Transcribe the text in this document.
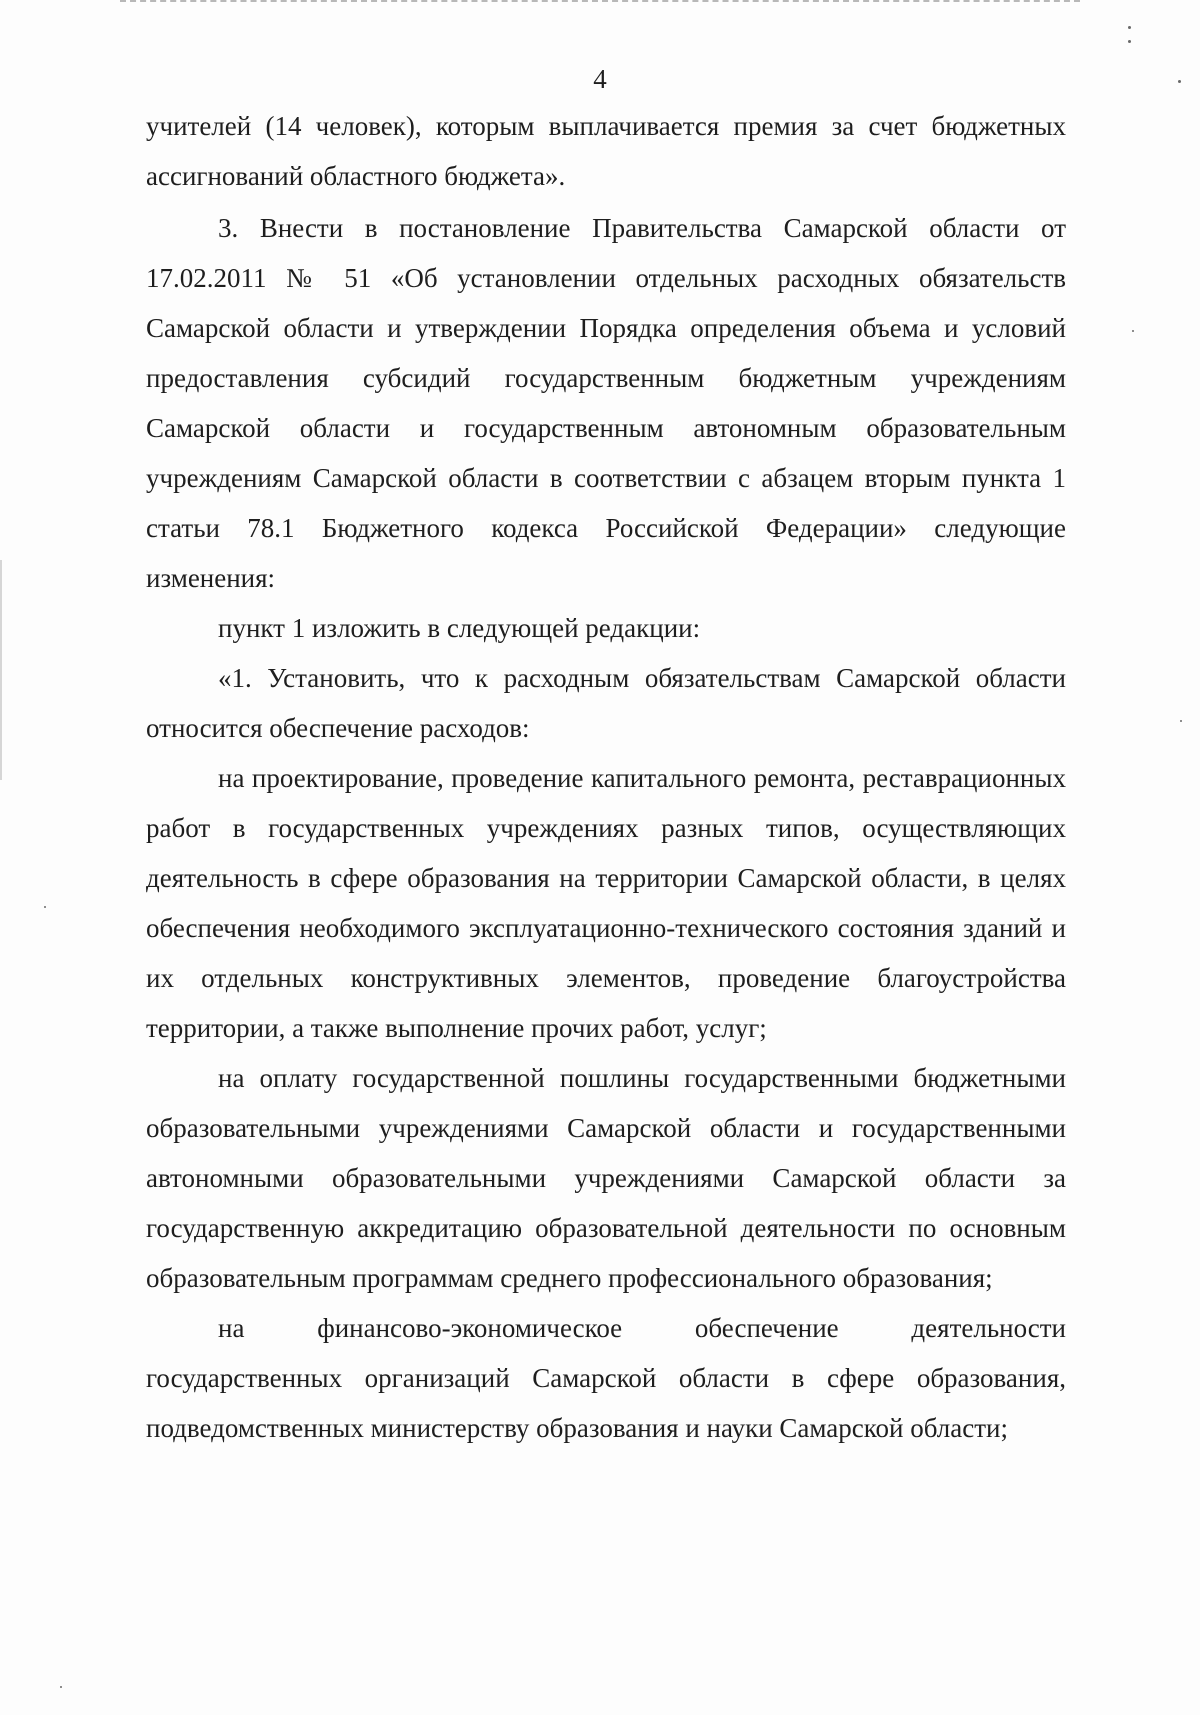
4

учителей (14 человек), которым выплачивается премия за счет бюджетных ассигнований областного бюджета».

3. Внести в постановление Правительства Самарской области от 17.02.2011 № 51 «Об установлении отдельных расходных обязательств Самарской области и утверждении Порядка определения объема и условий предоставления субсидий государственным бюджетным учреждениям Самарской области и государственным автономным образовательным учреждениям Самарской области в соответствии с абзацем вторым пункта 1 статьи 78.1 Бюджетного кодекса Российской Федерации» следующие изменения:

пункт 1 изложить в следующей редакции:

«1. Установить, что к расходным обязательствам Самарской области относится обеспечение расходов:

на проектирование, проведение капитального ремонта, реставрационных работ в государственных учреждениях разных типов, осуществляющих деятельность в сфере образования на территории Самарской области, в целях обеспечения необходимого эксплуатационно-технического состояния зданий и их отдельных конструктивных элементов, проведение благоустройства территории, а также выполнение прочих работ, услуг;

на оплату государственной пошлины государственными бюджетными образовательными учреждениями Самарской области и государственными автономными образовательными учреждениями Самарской области за государственную аккредитацию образовательной деятельности по основным образовательным программам среднего профессионального образования;

на финансово-экономическое обеспечение деятельности государственных организаций Самарской области в сфере образования, подведомственных министерству образования и науки Самарской области;
